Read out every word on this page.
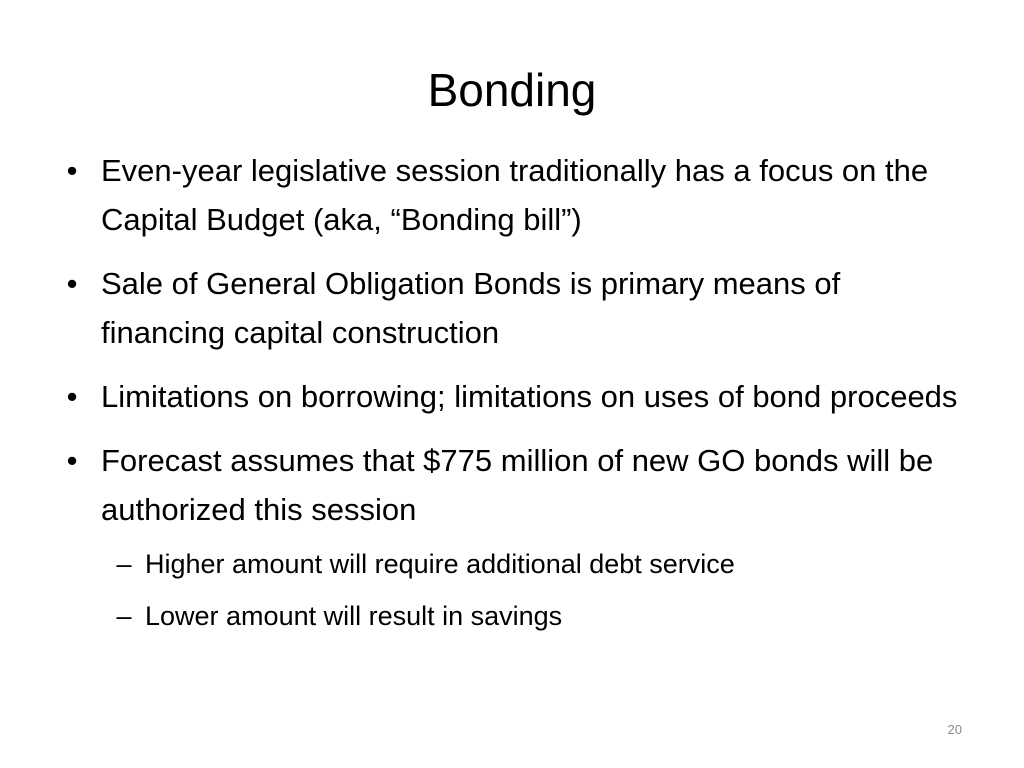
Bonding
• Even-year legislative session traditionally has a focus on the Capital Budget (aka, “Bonding bill”)
• Sale of General Obligation Bonds is primary means of financing capital construction
• Limitations on borrowing; limitations on uses of bond proceeds
• Forecast assumes that $775 million of new GO bonds will be authorized this session
– Higher amount will require additional debt service
– Lower amount will result in savings
20
